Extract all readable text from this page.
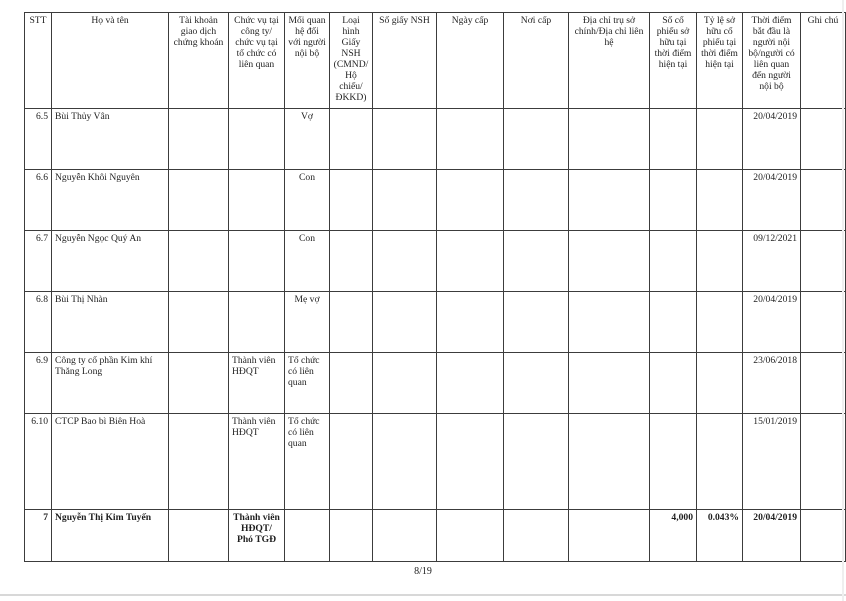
STT	Họ và tên	Tài khoản giao dịch chứng khoán	Chức vụ tại công ty/ chức vụ tại tổ chức có liên quan	Mối quan hệ đối với người nội bộ	Loại hình Giấy NSH (CMND/ Hộ chiếu/ ĐKKD)	Số giấy NSH	Ngày cấp	Nơi cấp	Địa chỉ trụ sở chính/Địa chỉ liên hệ	Số cổ phiếu sở hữu tại thời điểm hiện tại	Tỷ lệ sở hữu cổ phiếu tại thời điểm hiện tại	Thời điểm bắt đầu là người nội bộ/người có liên quan đến người nội bộ	Ghi chú
6.5	Bùi Thủy Vân			Vợ								20/04/2019	
6.6	Nguyễn Khôi Nguyên			Con								20/04/2019	
6.7	Nguyễn Ngọc Quý An			Con								09/12/2021	
6.8	Bùi Thị Nhàn			Mẹ vợ								20/04/2019	
6.9	Công ty cổ phần Kim khí Thăng Long		Thành viên HĐQT	Tổ chức có liên quan								23/06/2018	
6.10	CTCP Bao bì Biên Hoà		Thành viên HĐQT	Tổ chức có liên quan								15/01/2019	
7	Nguyễn Thị Kim Tuyến		Thành viên HĐQT/ Phó TGĐ							4,000	0.043%	20/04/2019	
8/19
